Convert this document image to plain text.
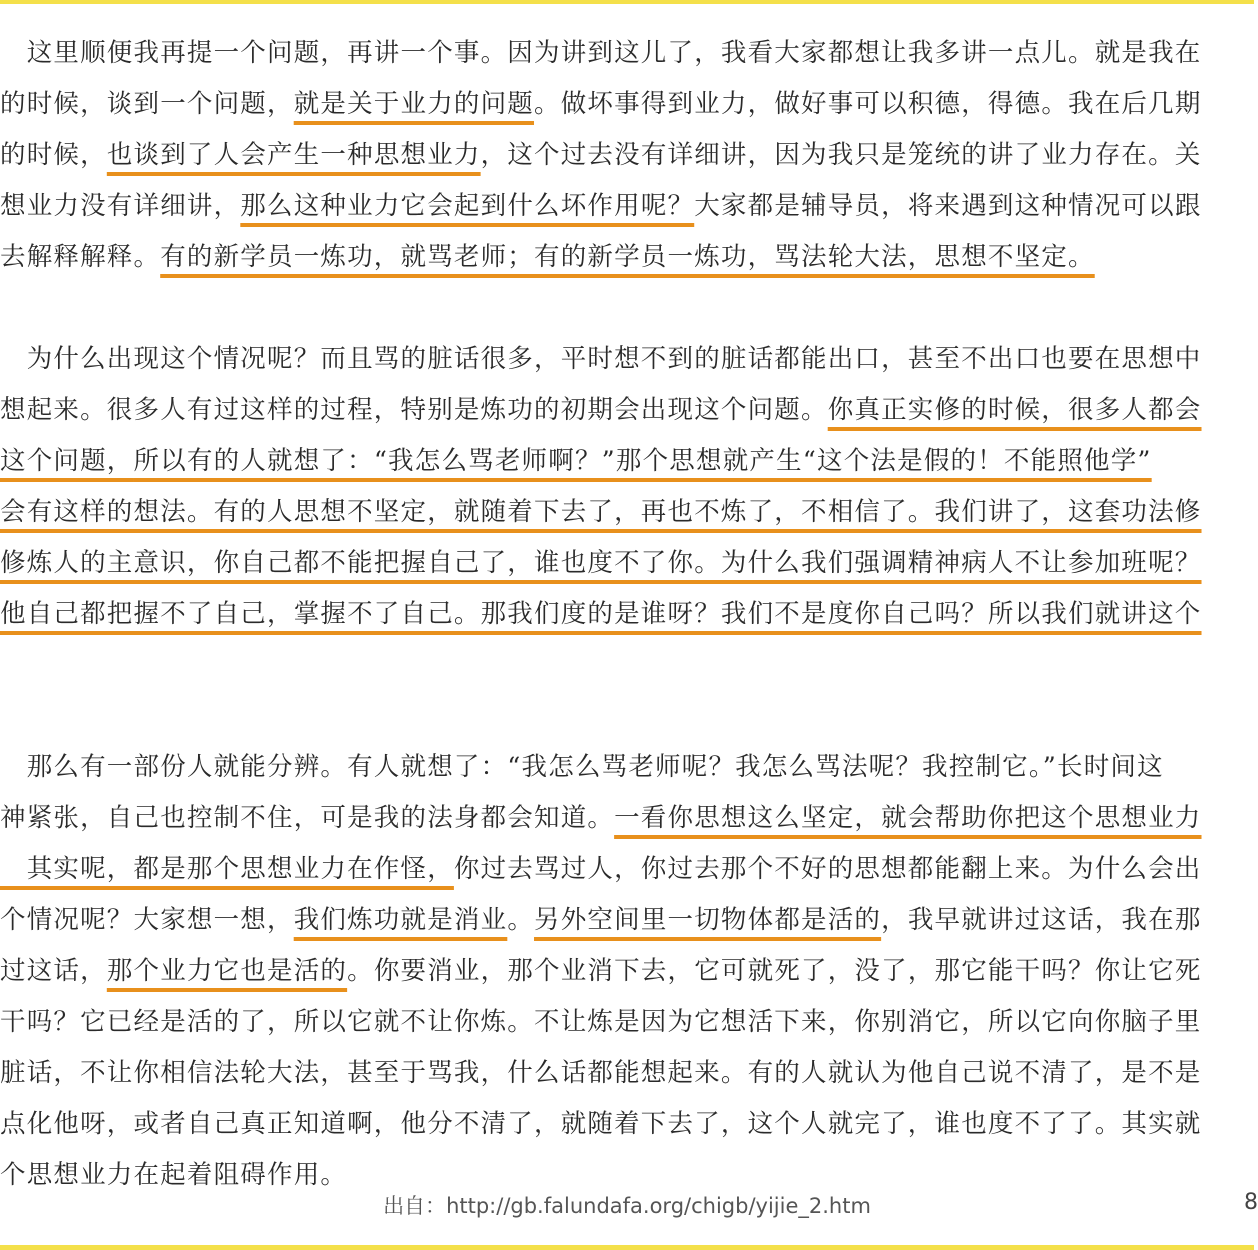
　这里顺便我再提一个问题，再讲一个事。因为讲到这儿了，我看大家都想让我多讲一点儿。就是我在
的时候，谈到一个问题，就是关于业力的问题。做坏事得到业力，做好事可以积德，得德。我在后几期
的时候，也谈到了人会产生一种思想业力，这个过去没有详细讲，因为我只是笼统的讲了业力存在。关
想业力没有详细讲，那么这种业力它会起到什么坏作用呢？大家都是辅导员，将来遇到这种情况可以跟
去解释解释。有的新学员一炼功，就骂老师；有的新学员一炼功，骂法轮大法，思想不坚定。
　为什么出现这个情况呢？而且骂的脏话很多，平时想不到的脏话都能出口，甚至不出口也要在思想中
想起来。很多人有过这样的过程，特别是炼功的初期会出现这个问题。你真正实修的时候，很多人都会
这个问题，所以有的人就想了：“我怎么骂老师啊？”那个思想就产生“这个法是假的！不能照他学”
会有这样的想法。有的人思想不坚定，就随着下去了，再也不炼了，不相信了。我们讲了，这套功法修
修炼人的主意识，你自己都不能把握自己了，谁也度不了你。为什么我们强调精神病人不让参加班呢？
他自己都把握不了自己，掌握不了自己。那我们度的是谁呀？我们不是度你自己吗？所以我们就讲这个
　那么有一部份人就能分辨。有人就想了：“我怎么骂老师呢？我怎么骂法呢？我控制它。”长时间这
神紧张，自己也控制不住，可是我的法身都会知道。一看你思想这么坚定，就会帮助你把这个思想业力
　其实呢，都是那个思想业力在作怪，你过去骂过人，你过去那个不好的思想都能翻上来。为什么会出
个情况呢？大家想一想，我们炼功就是消业。另外空间里一切物体都是活的，我早就讲过这话，我在那
过这话，那个业力它也是活的。你要消业，那个业消下去，它可就死了，没了，那它能干吗？你让它死
干吗？它已经是活的了，所以它就不让你炼。不让炼是因为它想活下来，你别消它，所以它向你脑子里
脏话，不让你相信法轮大法，甚至于骂我，什么话都能想起来。有的人就认为他自己说不清了，是不是
点化他呀，或者自己真正知道啊，他分不清了，就随着下去了，这个人就完了，谁也度不了了。其实就
个思想业力在起着阻碍作用。
出自：http://gb.falundafa.org/chigb/yijie_2.htm	8
